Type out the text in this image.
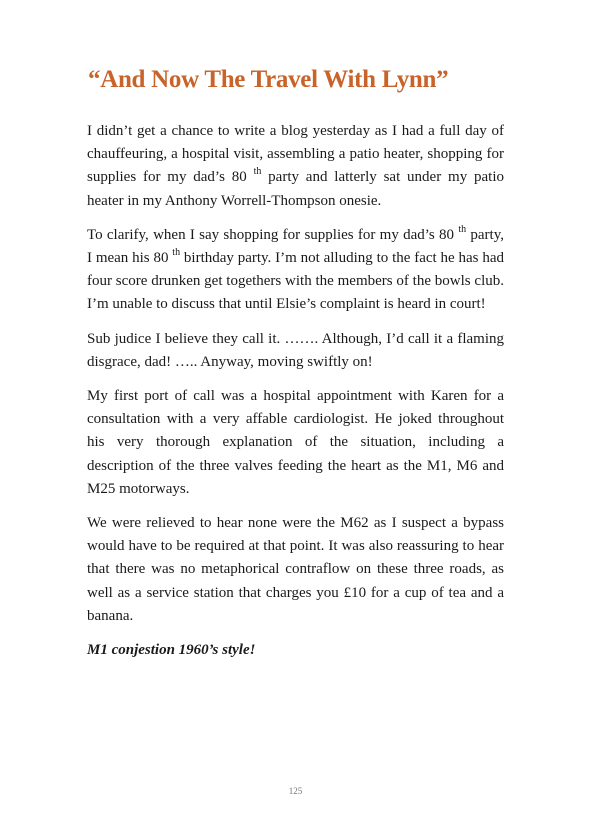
“And Now The Travel With Lynn”

I didn’t get a chance to write a blog yesterday as I had a full day of chauffeuring, a hospital visit, assembling a patio heater, shopping for supplies for my dad’s 80 $^{th}$ party and latterly sat under my patio heater in my Anthony Worrell-Thompson onesie.

To clarify, when I say shopping for supplies for my dad’s 80 $^{th}$ party, I mean his 80 $^{th}$ birthday party. I’m not alluding to the fact he has had four score drunken get togethers with the members of the bowls club. I’m unable to discuss that until Elsie’s complaint is heard in court!

Sub judice I believe they call it. ……. Although, I’d call it a flaming disgrace, dad! ….. Anyway, moving swiftly on!

My first port of call was a hospital appointment with Karen for a consultation with a very affable cardiologist. He joked throughout his very thorough explanation of the situation, including a description of the three valves feeding the heart as the M1, M6 and M25 motorways.

We were relieved to hear none were the M62 as I suspect a bypass would have to be required at that point. It was also reassuring to hear that there was no metaphorical contraflow on these three roads, as well as a service station that charges you £10 for a cup of tea and a banana.

M1 conjestion 1960’s style!

125
